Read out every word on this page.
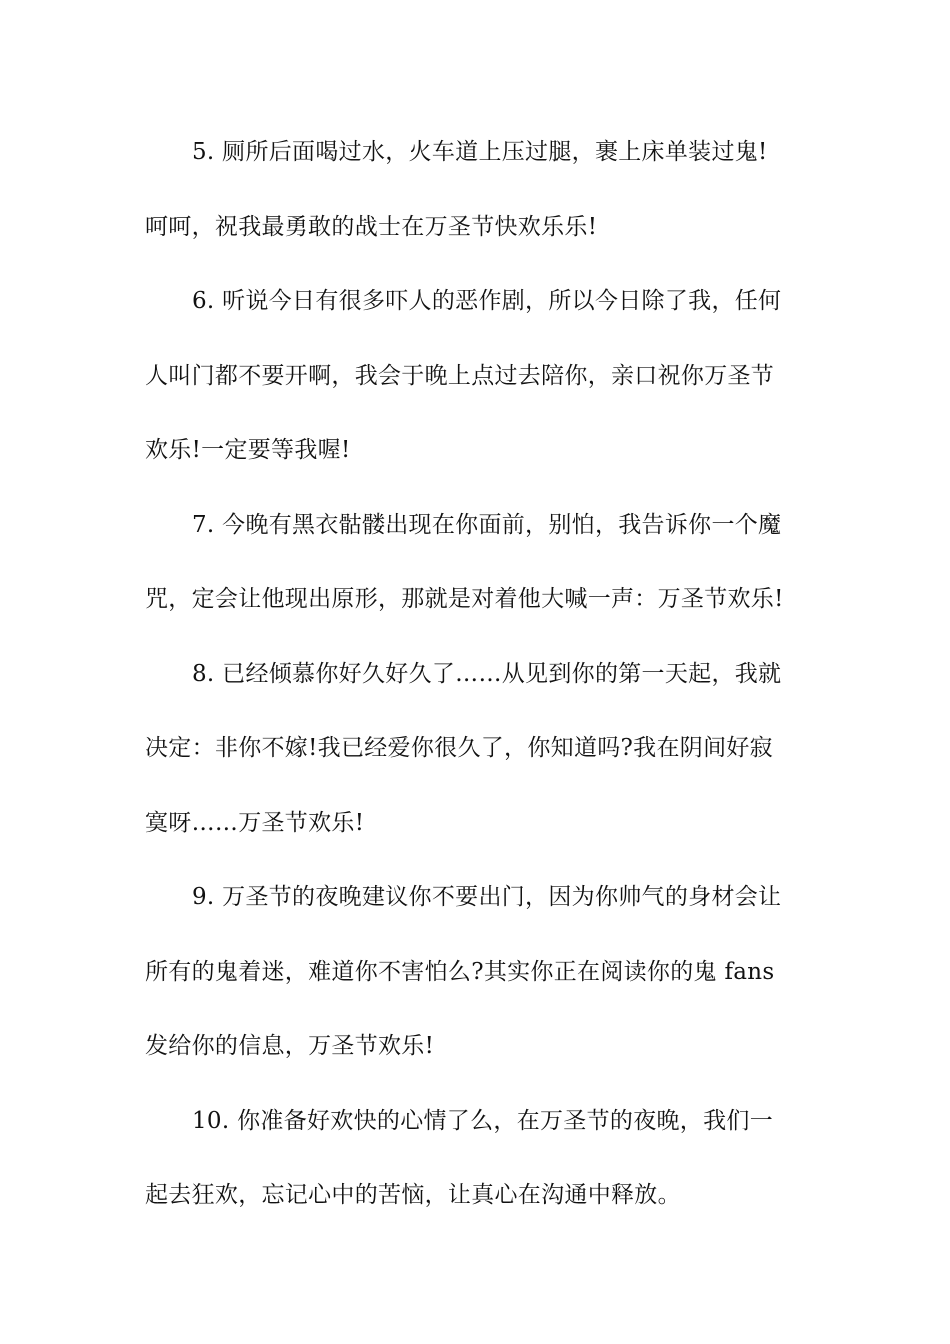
5. 厕所后面喝过水，火车道上压过腿，裹上床单装过鬼!
呵呵，祝我最勇敢的战士在万圣节快欢乐乐!
6. 听说今日有很多吓人的恶作剧，所以今日除了我，任何
人叫门都不要开啊，我会于晚上点过去陪你，亲口祝你万圣节
欢乐!一定要等我喔!
7. 今晚有黑衣骷髅出现在你面前，别怕，我告诉你一个魔
咒，定会让他现出原形，那就是对着他大喊一声：万圣节欢乐!
8. 已经倾慕你好久好久了……从见到你的第一天起，我就
决定：非你不嫁!我已经爱你很久了，你知道吗?我在阴间好寂
寞呀……万圣节欢乐!
9. 万圣节的夜晚建议你不要出门，因为你帅气的身材会让
所有的鬼着迷，难道你不害怕么?其实你正在阅读你的鬼 fans
发给你的信息，万圣节欢乐!
10. 你准备好欢快的心情了么，在万圣节的夜晚，我们一
起去狂欢，忘记心中的苦恼，让真心在沟通中释放。
